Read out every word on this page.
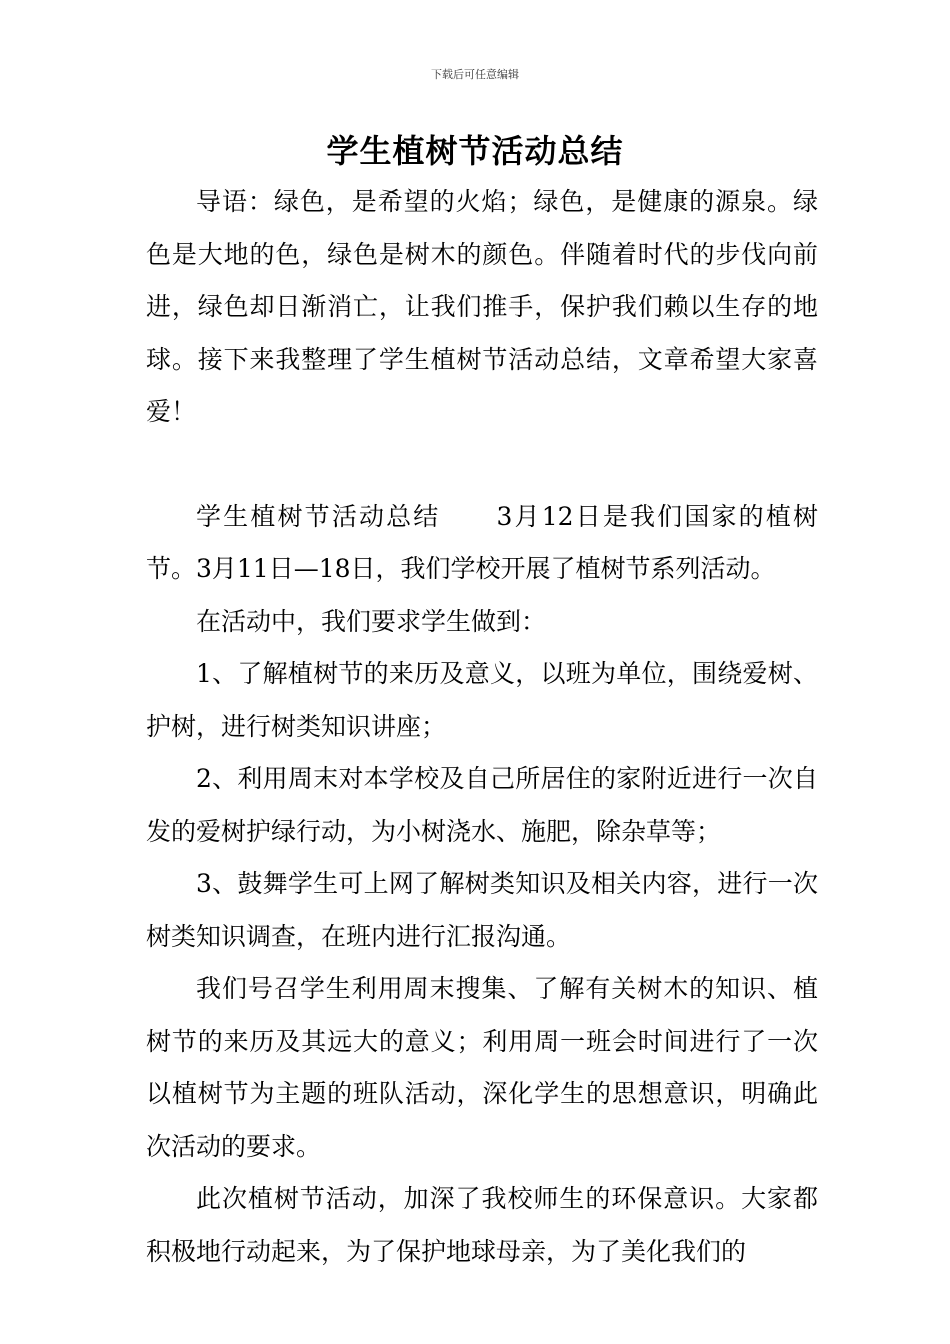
下载后可任意编辑
学生植树节活动总结

导语：绿色，是希望的火焰；绿色，是健康的源泉。绿色是大地的色，绿色是树木的颜色。伴随着时代的步伐向前进，绿色却日渐消亡，让我们推手，保护我们赖以生存的地球。接下来我整理了学生植树节活动总结，文章希望大家喜爱！

学生植树节活动总结 3月12日是我们国家的植树节。3月11日—18日，我们学校开展了植树节系列活动。

在活动中，我们要求学生做到：

1、了解植树节的来历及意义，以班为单位，围绕爱树、护树，进行树类知识讲座；

2、利用周末对本学校及自己所居住的家附近进行一次自发的爱树护绿行动，为小树浇水、施肥，除杂草等；

3、鼓舞学生可上网了解树类知识及相关内容，进行一次树类知识调查，在班内进行汇报沟通。

我们号召学生利用周末搜集、了解有关树木的知识、植树节的来历及其远大的意义；利用周一班会时间进行了一次以植树节为主题的班队活动，深化学生的思想意识，明确此次活动的要求。

此次植树节活动，加深了我校师生的环保意识。大家都积极地行动起来，为了保护地球母亲，为了美化我们的
